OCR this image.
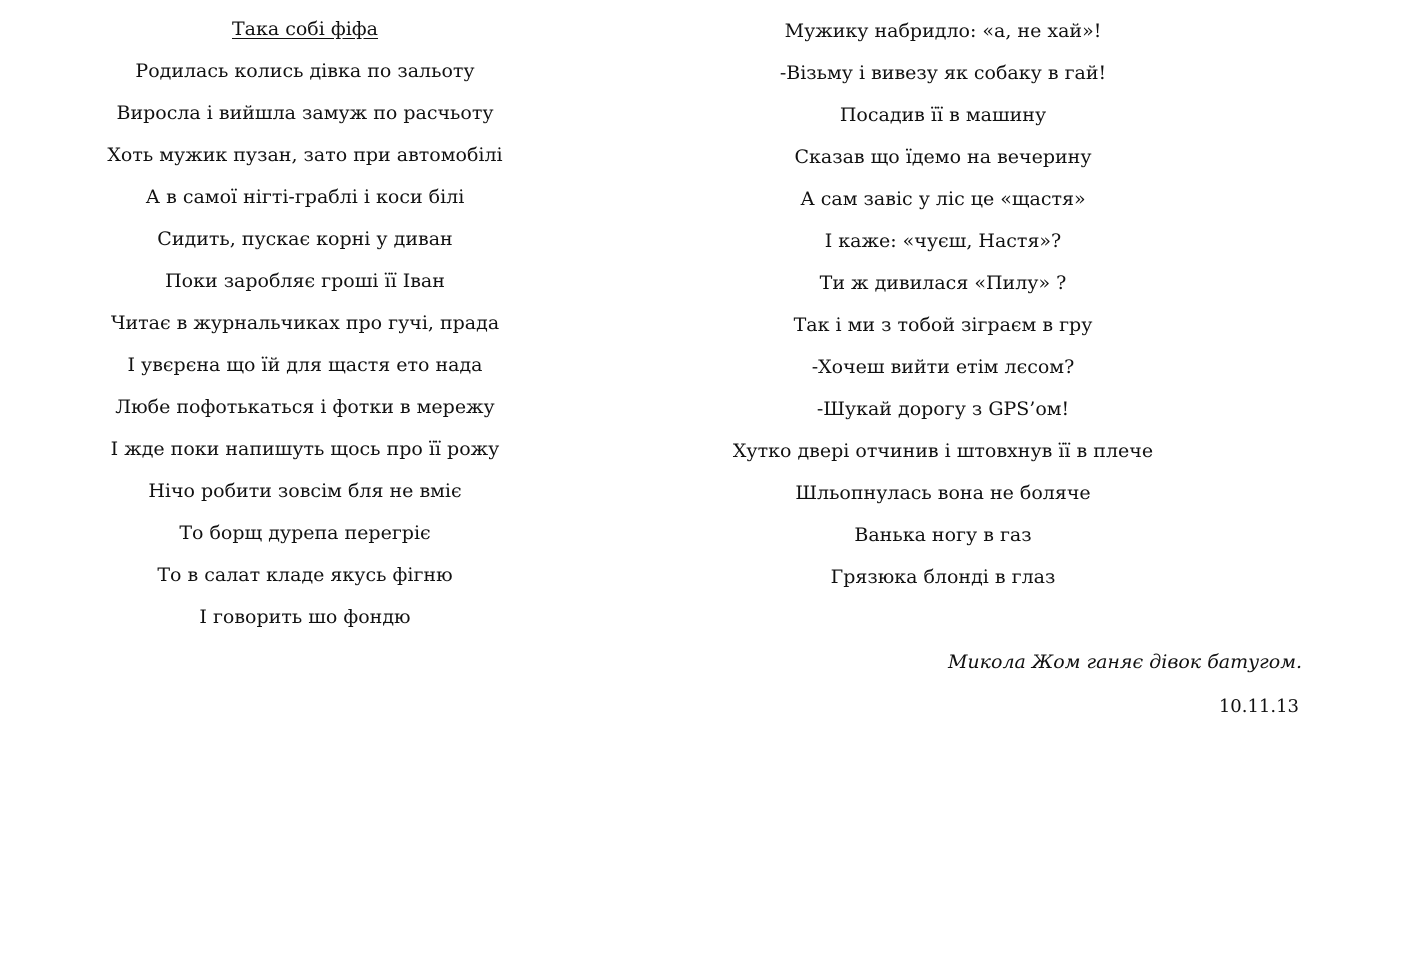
Така собі фіфа
Родилась колись дівка по зальоту
Виросла і вийшла замуж по расчьоту
Хоть мужик пузан, зато при автомобілі
А в самої нігті-граблі і коси білі
Сидить, пускає корні у диван
Поки заробляє гроші її Іван
Читає в журнальчиках про гучі, прада
І увєрєна що їй для щастя ето нада
Любе пофотькаться і фотки в мережу
І жде поки напишуть щось про її рожу
Нічо робити зовсім бля не вміє
То борщ дурепа перегріє
То в салат кладе якусь фігню
І говорить шо фондю
Мужику набридло: «а, не хай»!
-Візьму і вивезу як собаку в гай!
Посадив її в машину
Сказав що їдемо на вечерину
А сам завіс у ліс це «щастя»
І каже: «чуєш, Настя»?
Ти ж дивилася «Пилу» ?
Так і ми з тобой зіграєм в гру
-Хочеш вийти етім лєсом?
-Шукай дорогу з GPS’ом!
Хутко двері отчинив і штовхнув її в плече
Шльопнулась вона не боляче
Ванька ногу в газ
Грязюка блонді в глаз

Микола Жом ганяє дівок батугом.

10.11.13
